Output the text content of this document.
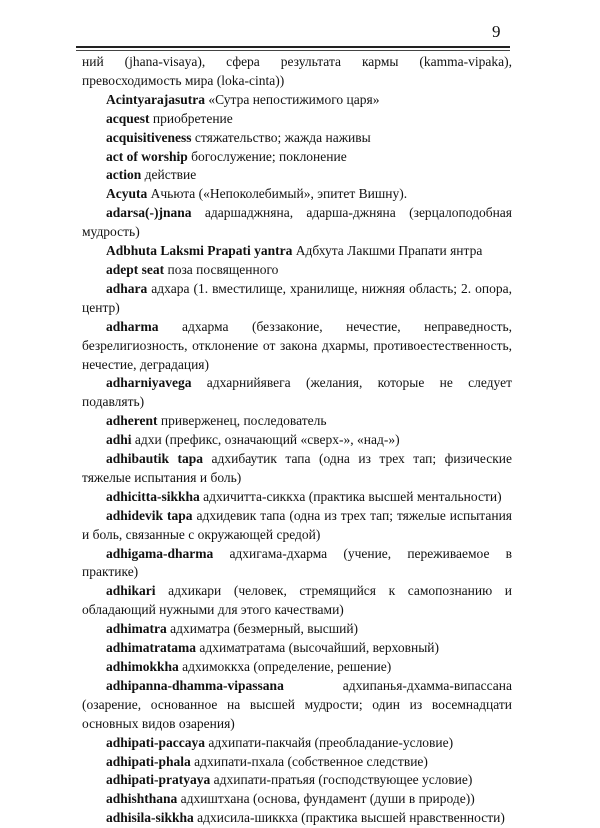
9

ний (jhana-visaya), сфера результата кармы (kamma-vipaka), превосходимость мира (loka-cinta))

Acintyarajasutra «Сутра непостижимого царя»

acquest приобретение

acquisitiveness стяжательство; жажда наживы

act of worship богослужение; поклонение

action действие

Acyuta Ачьюта («Непоколебимый», эпитет Вишну).

adarsa(-)jnana адаршаджняна, адарша-джняна (зерцалоподобная мудрость)

Adbhuta Laksmi Prapati yantra Адбхута Лакшми Прапати янтра

adept seat поза посвященного

adhara адхара (1. вместилище, хранилище, нижняя область; 2. опора, центр)

adharma адхарма (беззаконие, нечестие, неправедность, безрелигиозность, отклонение от закона дхармы, противоестественность, нечестие, деградация)

adharniyavega адхарнийявега (желания, которые не следует подавлять)

adherent приверженец, последователь

adhi адхи (префикс, означающий «сверх-», «над-»)

adhibautik tapa адхибаутик тапа (одна из трех тап; физические тяжелые испытания и боль)

adhicitta-sikkha адхичитта-сиккха (практика высшей ментальности)

adhidevik tapa адхидевик тапа (одна из трех тап; тяжелые испытания и боль, связанные с окружающей средой)

adhigama-dharma адхигама-дхарма (учение, переживаемое в практике)

adhikari адхикари (человек, стремящийся к самопознанию и обладающий нужными для этого качествами)

adhimatra адхиматра (безмерный, высший)

adhimatratama адхиматратама (высочайший, верховный)

adhimokkha адхимоккха (определение, решение)

adhipanna-dhamma-vipassana	адхипанья-дхамма-випассана (озарение, основанное на высшей мудрости; один из восемнадцати основных видов озарения)

adhipati-paccaya адхипати-пакчайя (преобладание-условие)

adhipati-phala адхипати-пхала (собственное следствие)

adhipati-pratyaya адхипати-пратьяя (господствующее условие)

adhishthana адхиштхана (основа, фундамент (души в природе))

adhisila-sikkha адхисила-шиккха (практика высшей нравственности)
